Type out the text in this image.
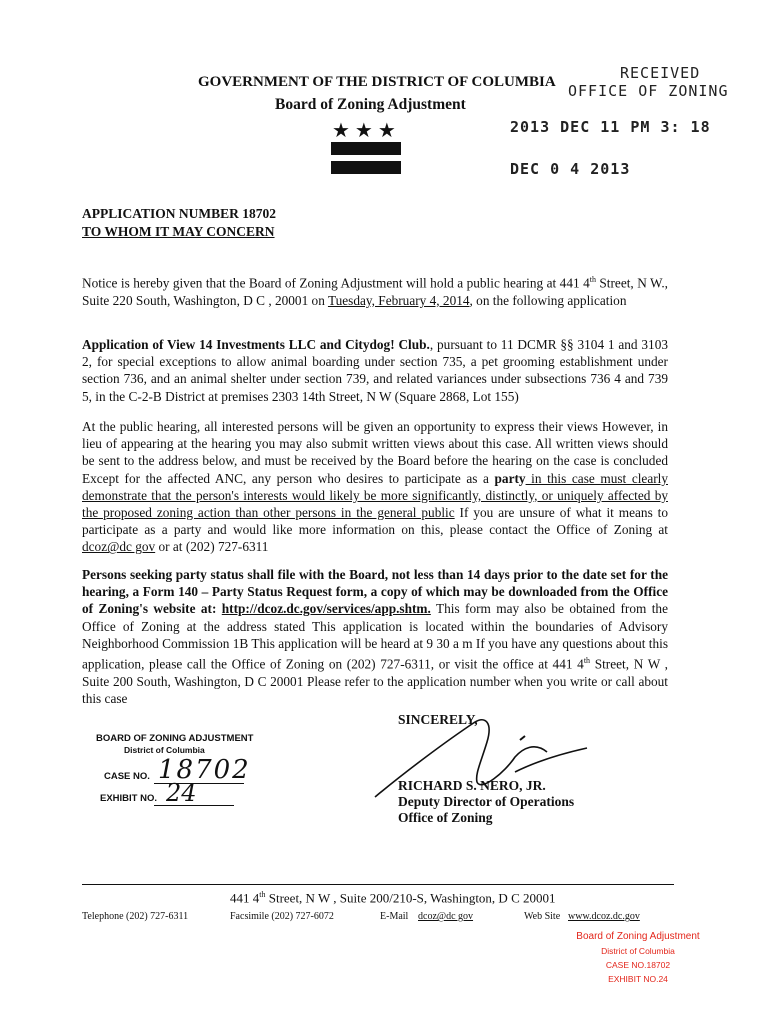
GOVERNMENT OF THE DISTRICT OF COLUMBIA
Board of Zoning Adjustment
★ ★ ★
RECEIVED
OFFICE OF ZONING
2013 DEC 11 PM 3: 18
DEC 0 4 2013
APPLICATION NUMBER 18702
TO WHOM IT MAY CONCERN
Notice is hereby given that the Board of Zoning Adjustment will hold a public hearing at 441 4th Street, N W., Suite 220 South, Washington, D C , 20001 on Tuesday, February 4, 2014, on the following application
Application of View 14 Investments LLC and Citydog! Club., pursuant to 11 DCMR §§ 3104 1 and 3103 2, for special exceptions to allow animal boarding under section 735, a pet grooming establishment under section 736, and an animal shelter under section 739, and related variances under subsections 736 4 and 739 5, in the C-2-B District at premises 2303 14th Street, N W (Square 2868, Lot 155)
At the public hearing, all interested persons will be given an opportunity to express their views However, in lieu of appearing at the hearing you may also submit written views about this case. All written views should be sent to the address below, and must be received by the Board before the hearing on the case is concluded Except for the affected ANC, any person who desires to participate as a party in this case must clearly demonstrate that the person's interests would likely be more significantly, distinctly, or uniquely affected by the proposed zoning action than other persons in the general public If you are unsure of what it means to participate as a party and would like more information on this, please contact the Office of Zoning at dcoz@dc gov or at (202) 727-6311
Persons seeking party status shall file with the Board, not less than 14 days prior to the date set for the hearing, a Form 140 – Party Status Request form, a copy of which may be downloaded from the Office of Zoning's website at: http://dcoz.dc.gov/services/app.shtm. This form may also be obtained from the Office of Zoning at the address stated This application is located within the boundaries of Advisory Neighborhood Commission 1B This application will be heard at 9 30 a m If you have any questions about this application, please call the Office of Zoning on (202) 727-6311, or visit the office at 441 4th Street, N W , Suite 200 South, Washington, D C 20001 Please refer to the application number when you write or call about this case
BOARD OF ZONING ADJUSTMENT
District of Columbia
CASE NO. 18702
EXHIBIT NO. 24
SINCERELY,
RICHARD S. NERO, JR.
Deputy Director of Operations
Office of Zoning
441 4th Street, N W , Suite 200/210-S, Washington, D C 20001
Telephone (202) 727-6311	Facsimile (202) 727-6072	E-Mail dcoz@dc gov	Web Site www.dcoz.dc.gov
Board of Zoning Adjustment
District of Columbia
CASE NO.18702
EXHIBIT NO.24
